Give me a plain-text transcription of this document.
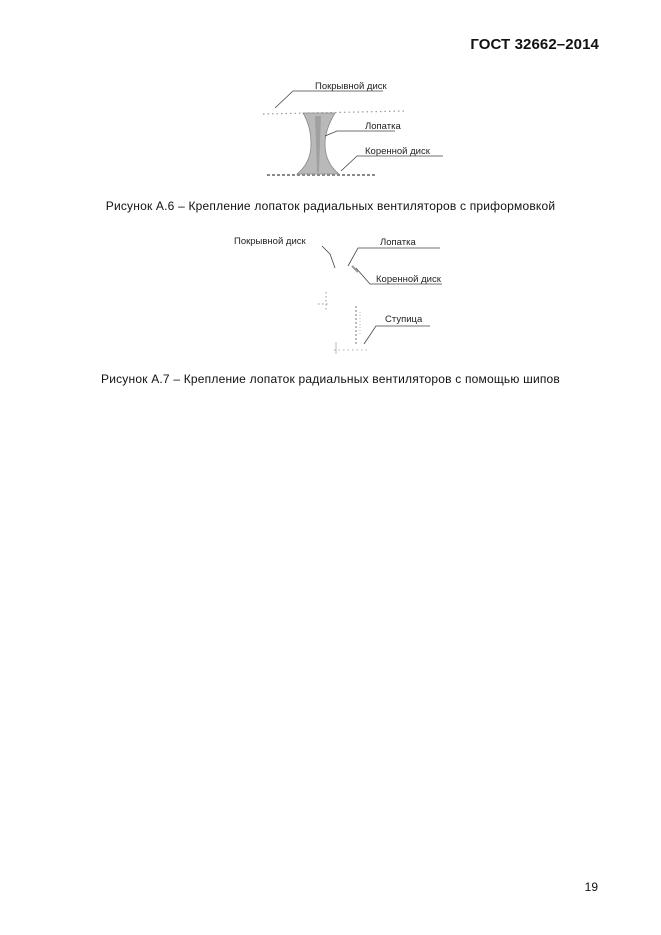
ГОСТ 32662–2014
Покрывной диск
Лопатка
Коренной диск
Рисунок А.6 – Крепление лопаток радиальных вентиляторов с приформовкой
Покрывной диск	Лопатка
Коренной диск
Ступица
Рисунок А.7 – Крепление лопаток радиальных вентиляторов с помощью шипов
19
